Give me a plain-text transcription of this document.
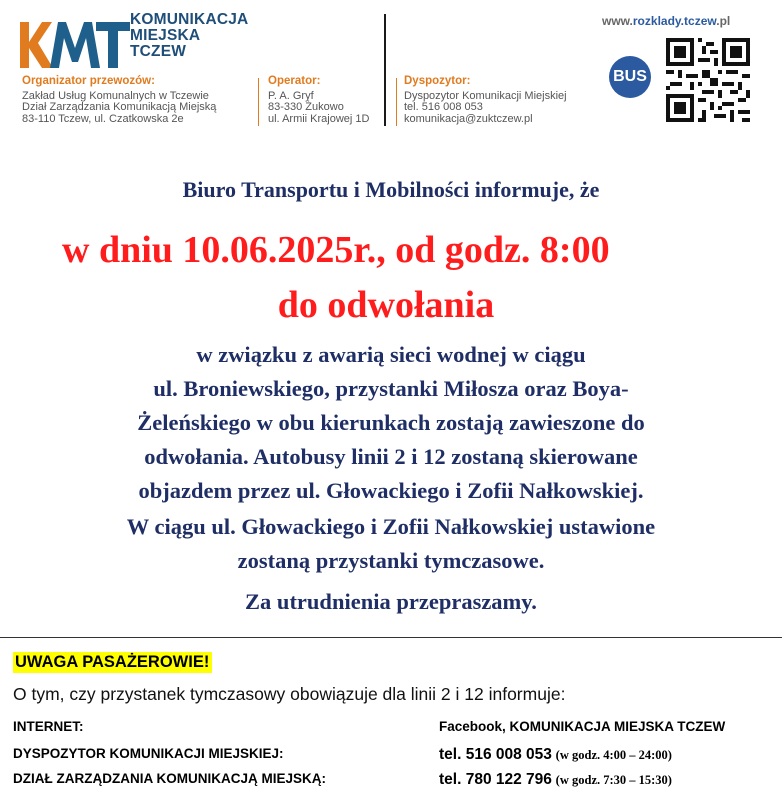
KOMUNIKACJA
MIEJSKA
TCZEW
Organizator przewozów:
Zakład Usług Komunalnych w Tczewie
Dział Zarządzania Komunikacją Miejską
83-110 Tczew, ul. Czatkowska 2e
Operator:
P. A. Gryf
83-330 Żukowo
ul. Armii Krajowej 1D
Dyspozytor:
Dyspozytor Komunikacji Miejskiej
tel. 516 008 053
komunikacja@zuktczew.pl
www.rozklady.tczew.pl
BUS
Biuro Transportu i Mobilności informuje, że
w dniu 10.06.2025r., od godz. 8:00
do odwołania
w związku z awarią sieci wodnej w ciągu
ul. Broniewskiego, przystanki Miłosza oraz Boya-
Żeleńskiego w obu kierunkach zostają zawieszone do
odwołania. Autobusy linii 2 i 12 zostaną skierowane
objazdem przez ul. Głowackiego i Zofii Nałkowskiej.
W ciągu ul. Głowackiego i Zofii Nałkowskiej ustawione
zostaną przystanki tymczasowe.
Za utrudnienia przepraszamy.
UWAGA PASAŻEROWIE!
O tym, czy przystanek tymczasowy obowiązuje dla linii 2 i 12 informuje:
INTERNET:	Facebook, KOMUNIKACJA MIEJSKA TCZEW
DYSPOZYTOR KOMUNIKACJI MIEJSKIEJ:	tel. 516 008 053 (w godz. 4:00 – 24:00)
DZIAŁ ZARZĄDZANIA KOMUNIKACJĄ MIEJSKĄ:	tel. 780 122 796 (w godz. 7:30 – 15:30)
